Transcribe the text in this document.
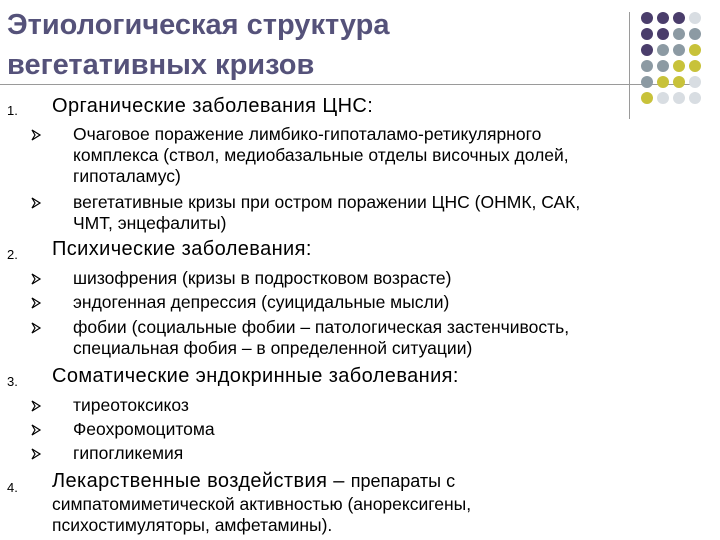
Этиологическая структура
вегетативных кризов
1. Органические заболевания ЦНС:
Очаговое поражение лимбико-гипоталамо-ретикулярного
комплекса (ствол, медиобазальные отделы височных долей,
гипоталамус)
вегетативные кризы при остром поражении ЦНС (ОНМК, САК,
ЧМТ, энцефалиты)
2. Психические заболевания:
шизофрения (кризы в подростковом возрасте)
эндогенная депрессия (суицидальные мысли)
фобии (социальные фобии – патологическая застенчивость,
специальная фобия – в определенной ситуации)
3. Соматические эндокринные заболевания:
тиреотоксикоз
Феохромоцитома
гипогликемия
4. Лекарственные воздействия – препараты с
симпатомиметической активностью (анорексигены,
психостимуляторы, амфетамины).
